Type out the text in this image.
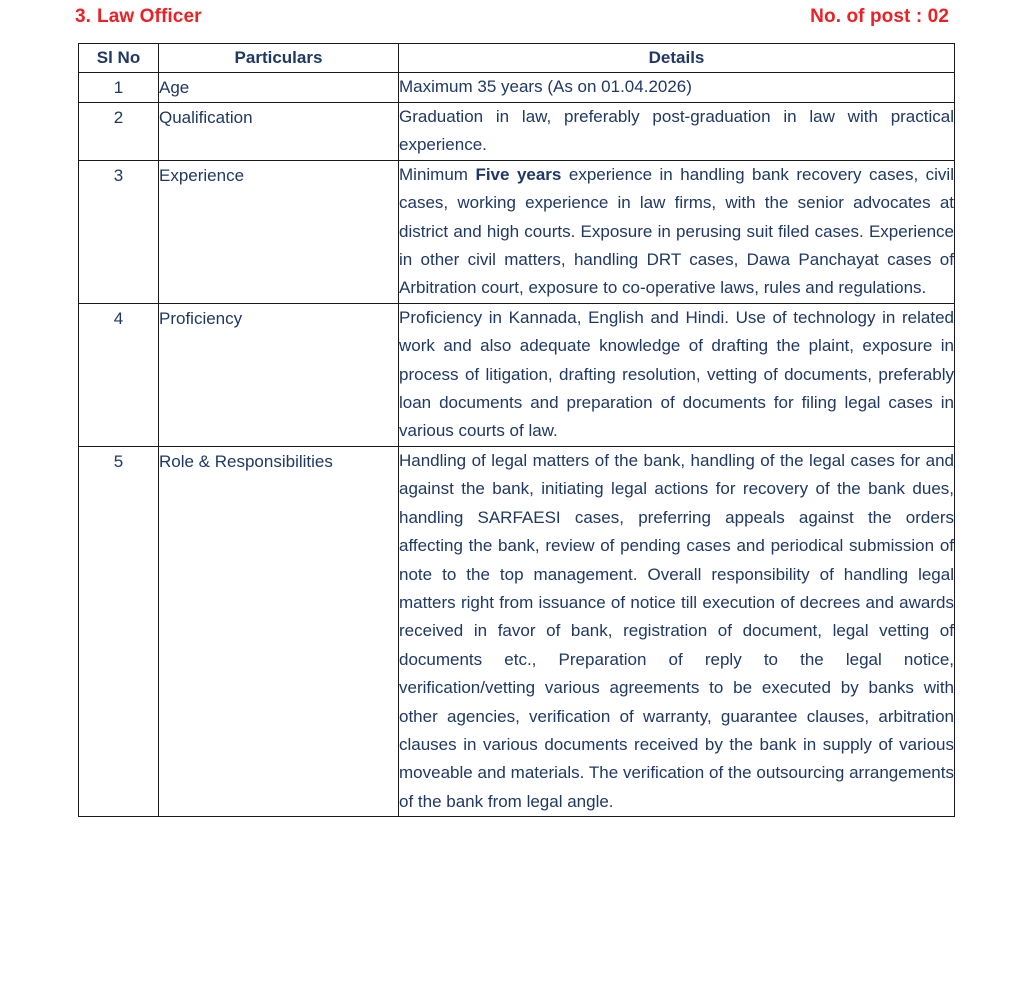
3. Law Officer	No. of post : 02
Sl No	Particulars	Details
1	Age	Maximum 35 years (As on 01.04.2026)

2	Qualification	Graduation in law, preferably post-graduation in law with practical experience.

3	Experience	Minimum Five years experience in handling bank recovery cases, civil cases, working experience in law firms, with the senior advocates at district and high courts. Exposure in perusing suit filed cases. Experience in other civil matters, handling DRT cases, Dawa Panchayat cases of Arbitration court, exposure to co-operative laws, rules and regulations.

4	Proficiency	Proficiency in Kannada, English and Hindi. Use of technology in related work and also adequate knowledge of drafting the plaint, exposure in process of litigation, drafting resolution, vetting of documents, preferably loan documents and preparation of documents for filing legal cases in various courts of law.

5	Role & Responsibilities	Handling of legal matters of the bank, handling of the legal cases for and against the bank, initiating legal actions for recovery of the bank dues, handling SARFAESI cases, preferring appeals against the orders affecting the bank, review of pending cases and periodical submission of note to the top management. Overall responsibility of handling legal matters right from issuance of notice till execution of decrees and awards received in favor of bank, registration of document, legal vetting of documents etc., Preparation of reply to the legal notice, verification/vetting various agreements to be executed by banks with other agencies, verification of warranty, guarantee clauses, arbitration clauses in various documents received by the bank in supply of various moveable and materials. The verification of the outsourcing arrangements of the bank from legal angle.
